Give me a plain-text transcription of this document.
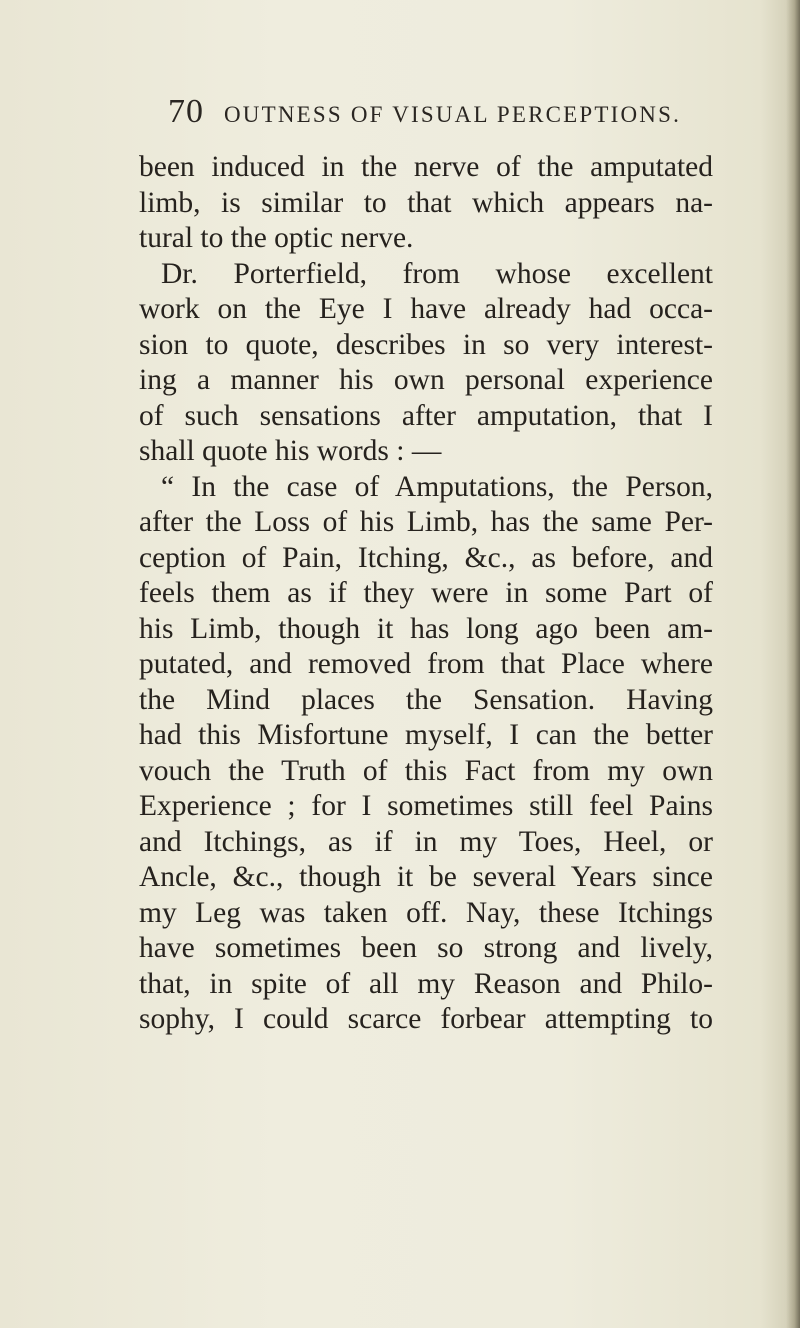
70 OUTNESS OF VISUAL PERCEPTIONS.
been induced in the nerve of the amputated
limb, is similar to that which appears na-
tural to the optic nerve.
Dr. Porterfield, from whose excellent
work on the Eye I have already had occa-
sion to quote, describes in so very interest-
ing a manner his own personal experience
of such sensations after amputation, that I
shall quote his words : —
“ In the case of Amputations, the Person,
after the Loss of his Limb, has the same Per-
ception of Pain, Itching, &c., as before, and
feels them as if they were in some Part of
his Limb, though it has long ago been am-
putated, and removed from that Place where
the Mind places the Sensation. Having
had this Misfortune myself, I can the better
vouch the Truth of this Fact from my own
Experience ; for I sometimes still feel Pains
and Itchings, as if in my Toes, Heel, or
Ancle, &c., though it be several Years since
my Leg was taken off. Nay, these Itchings
have sometimes been so strong and lively,
that, in spite of all my Reason and Philo-
sophy, I could scarce forbear attempting to
